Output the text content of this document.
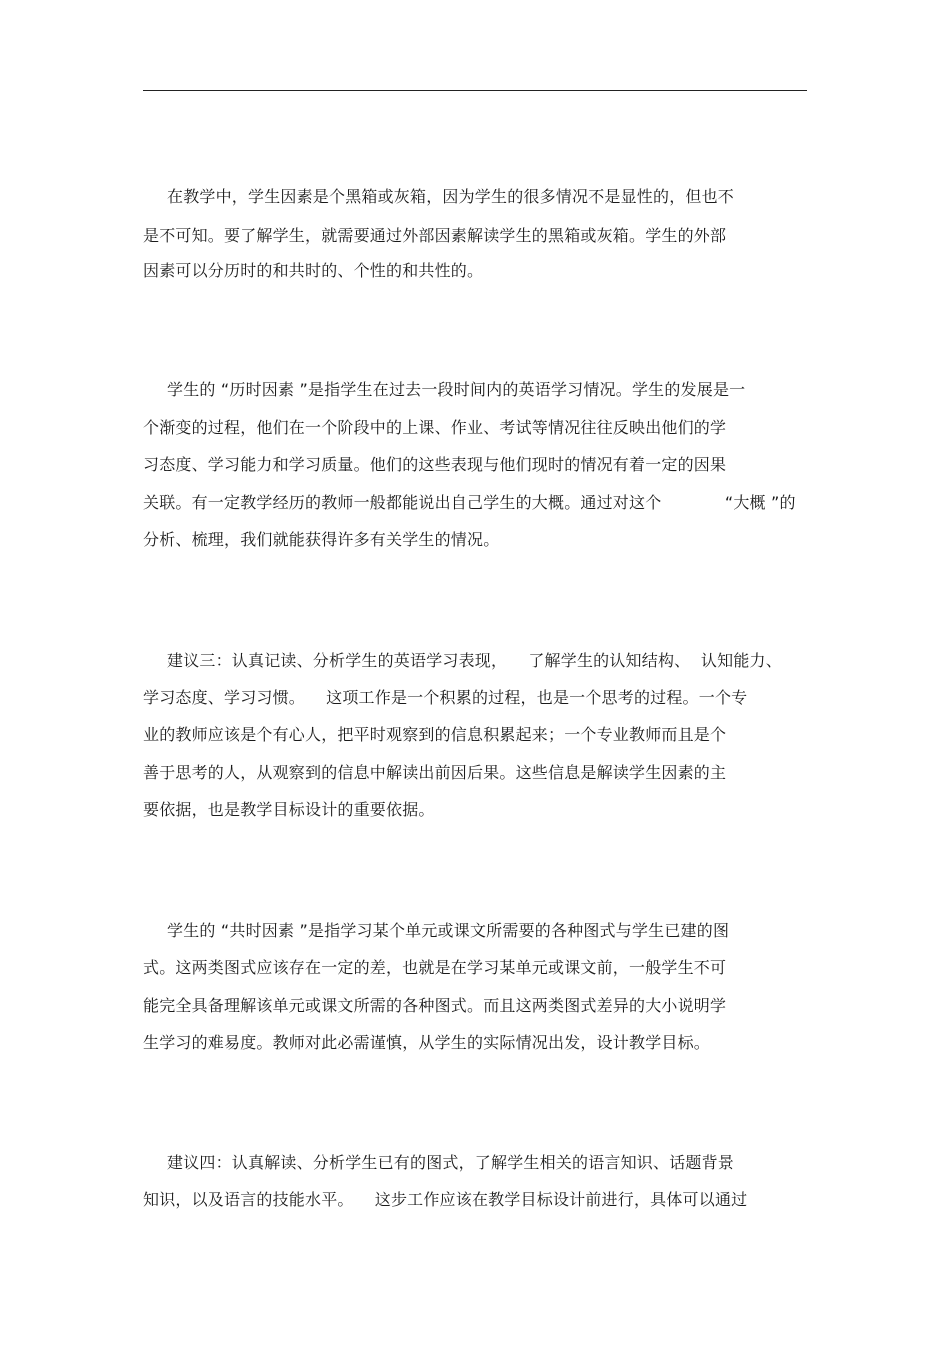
在教学中，学生因素是个黑箱或灰箱，因为学生的很多情况不是显性的，但也不
是不可知。要了解学生，就需要通过外部因素解读学生的黑箱或灰箱。学生的外部
因素可以分历时的和共时的、个性的和共性的。
学生的 “历时因素 ”是指学生在过去一段时间内的英语学习情况。学生的发展是一
个渐变的过程，他们在一个阶段中的上课、作业、考试等情况往往反映出他们的学
习态度、学习能力和学习质量。他们的这些表现与他们现时的情况有着一定的因果
关联。有一定教学经历的教师一般都能说出自己学生的大概。通过对这个            “大概 ”的
分析、梳理，我们就能获得许多有关学生的情况。
建议三：认真记读、分析学生的英语学习表现，    了解学生的认知结构、  认知能力、
学习态度、学习习惯。    这项工作是一个积累的过程，也是一个思考的过程。一个专
业的教师应该是个有心人，把平时观察到的信息积累起来；一个专业教师而且是个
善于思考的人，从观察到的信息中解读出前因后果。这些信息是解读学生因素的主
要依据，也是教学目标设计的重要依据。
学生的 “共时因素 ”是指学习某个单元或课文所需要的各种图式与学生已建的图
式。这两类图式应该存在一定的差，也就是在学习某单元或课文前，一般学生不可
能完全具备理解该单元或课文所需的各种图式。而且这两类图式差异的大小说明学
生学习的难易度。教师对此必需谨慎，从学生的实际情况出发，设计教学目标。
建议四：认真解读、分析学生已有的图式，了解学生相关的语言知识、话题背景
知识，以及语言的技能水平。    这步工作应该在教学目标设计前进行，具体可以通过
